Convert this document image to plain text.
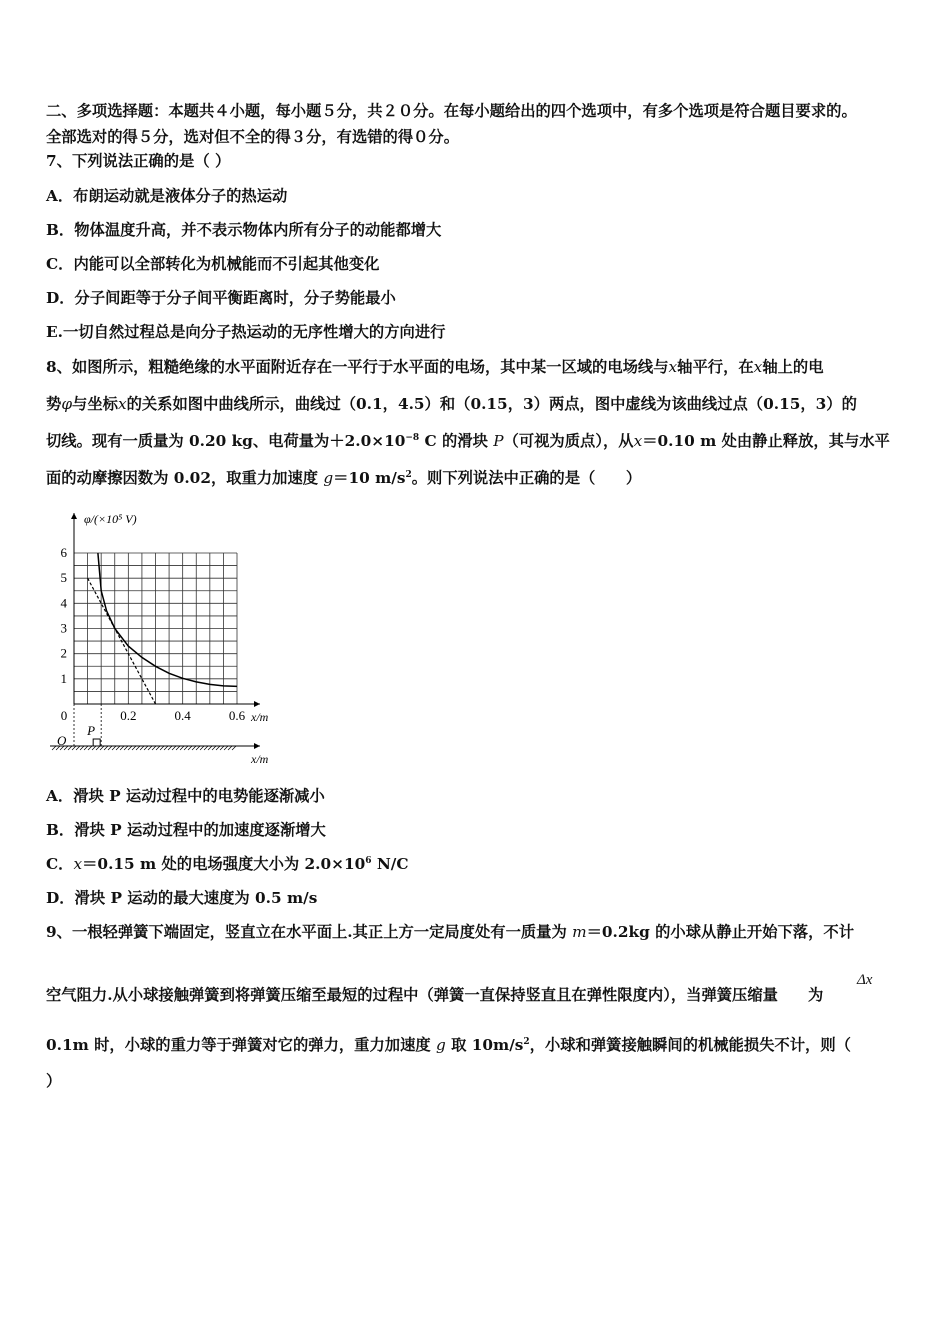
二、多项选择题：本题共４小题，每小题５分，共２０分。在每小题给出的四个选项中，有多个选项是符合题目要求的。
全部选对的得５分，选对但不全的得３分，有选错的得０分。
7、下列说法正确的是（ ）
A．布朗运动就是液体分子的热运动
B．物体温度升高，并不表示物体内所有分子的动能都增大
C．内能可以全部转化为机械能而不引起其他变化
D．分子间距等于分子间平衡距离时，分子势能最小
E.一切自然过程总是向分子热运动的无序性增大的方向进行
8、如图所示，粗糙绝缘的水平面附近存在一平行于水平面的电场，其中某一区域的电场线与x轴平行，在x轴上的电
势φ与坐标x的关系如图中曲线所示，曲线过（0.1，4.5）和（0.15，3）两点，图中虚线为该曲线过点（0.15，3）的
切线。现有一质量为 0.20 kg、电荷量为$+2.0\times 10^{-8}$ C 的滑块 P（可视为质点），从x＝0.10 m 处由静止释放，其与水平
面的动摩擦因数为 0.02，取重力加速度 g＝10 $m/s^2$。则下列说法中正确的是（　　）
1
2
3
4
5
6
0.2	0.4	0.6
0
φ/(×10⁵ V)
x/m
P
O
x/m
A．滑块 P 运动过程中的电势能逐渐减小
B．滑块 P 运动过程中的加速度逐渐增大
C．x＝0.15 m 处的电场强度大小为 $2.0\times 10^6$ N/C
D．滑块 P 运动的最大速度为 0.5 m/s
9、一根轻弹簧下端固定，竖直立在水平面上.其正上方一定局度处有一质量为 m＝0.2kg 的小球从静止开始下落，不计
空气阻力.从小球接触弹簧到将弹簧压缩至最短的过程中（弹簧一直保持竖直且在弹性限度内），当弹簧压缩量 为
Δx
0.1m 时，小球的重力等于弹簧对它的弹力，重力加速度 g 取 $10m/s^2$，小球和弹簧接触瞬间的机械能损失不计，则（
）
